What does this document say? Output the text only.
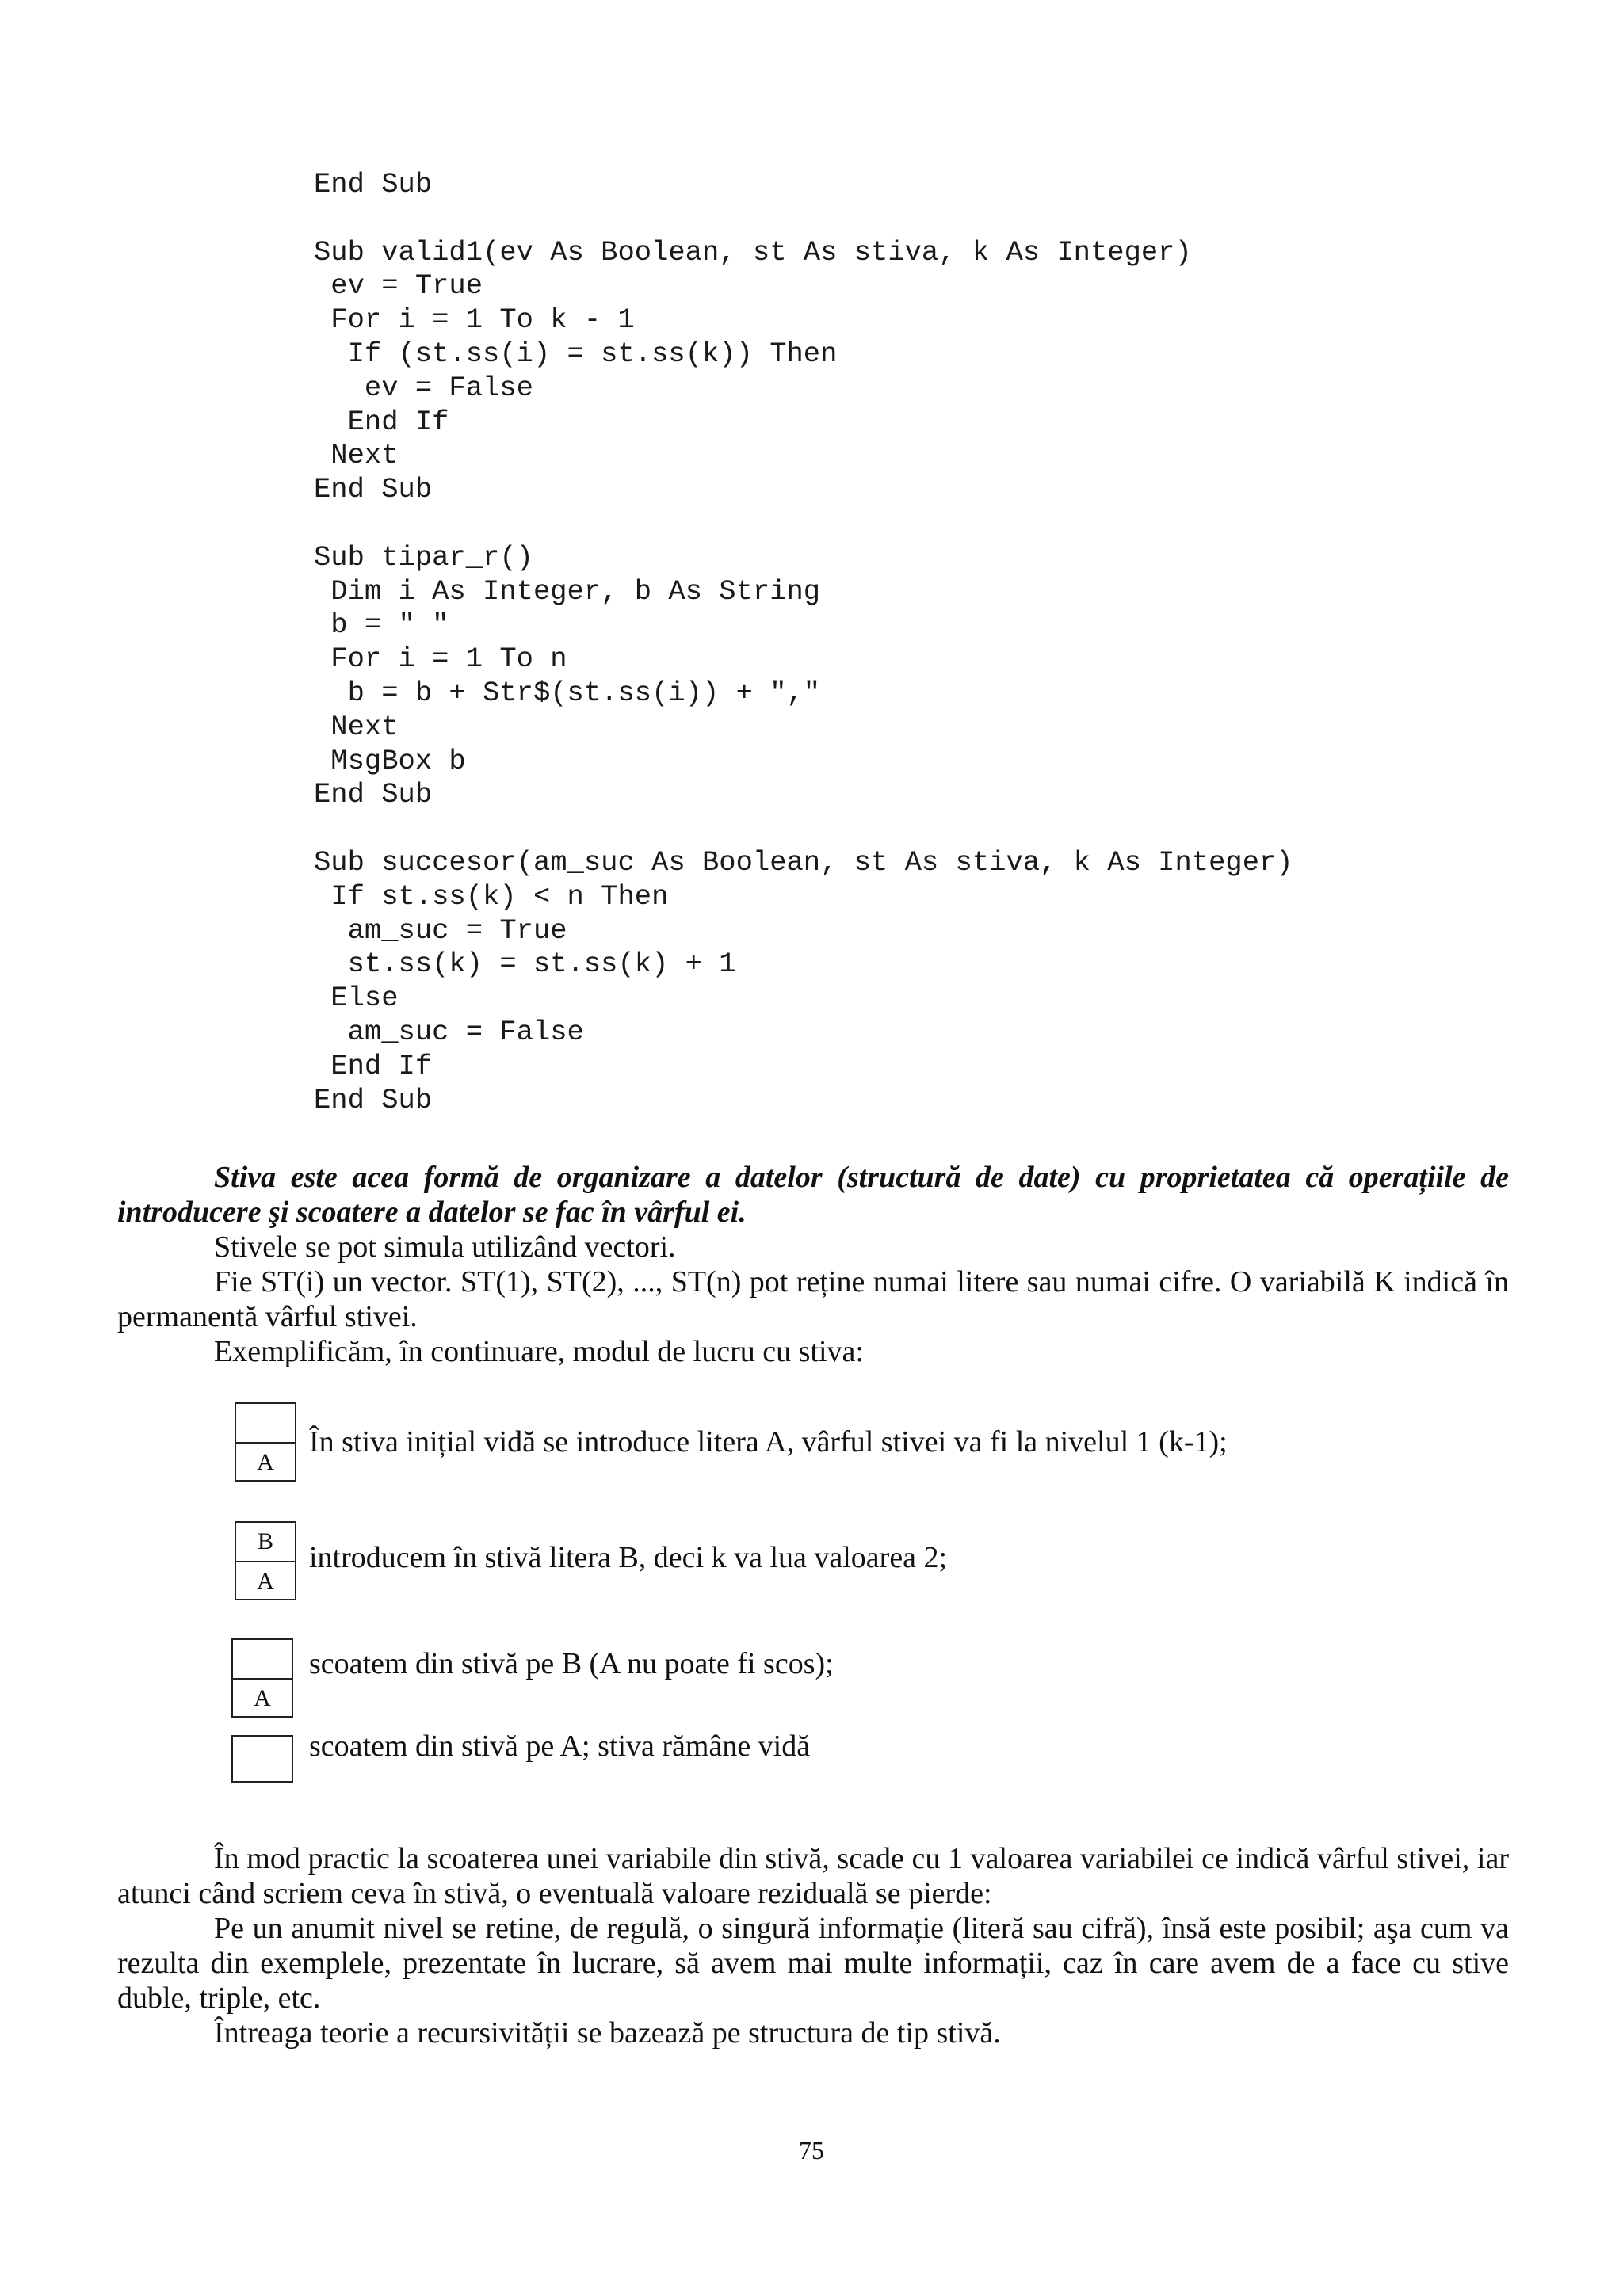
End Sub

Sub valid1(ev As Boolean, st As stiva, k As Integer)
ev = True
For i = 1 To k - 1
If (st.ss(i) = st.ss(k)) Then
ev = False
End If
Next
End Sub

Sub tipar_r()
Dim i As Integer, b As String
b = " "
For i = 1 To n
b = b + Str$(st.ss(i)) + ","
Next
MsgBox b
End Sub

Sub succesor(am_suc As Boolean, st As stiva, k As Integer)
If st.ss(k) < n Then
am_suc = True
st.ss(k) = st.ss(k) + 1
Else
am_suc = False
End If
End Sub

Stiva este acea formă de organizare a datelor (structură de date) cu proprietatea că operațiile de introducere şi scoatere a datelor se fac în vârful ei.

Stivele se pot simula utilizând vectori.

Fie ST(i) un vector. ST(1), ST(2), ..., ST(n) pot reține numai litere sau numai cifre. O variabilă K indică în permanentă vârful stivei.

Exemplificăm, în continuare, modul de lucru cu stiva:

A
În stiva inițial vidă se introduce litera A, vârful stivei va fi la nivelul 1 (k-1);
B
A
introducem în stivă litera B, deci k va lua valoarea 2;
A
scoatem din stivă pe B (A nu poate fi scos);
scoatem din stivă pe A; stiva rămâne vidă

În mod practic la scoaterea unei variabile din stivă, scade cu 1 valoarea variabilei ce indică vârful stivei, iar atunci când scriem ceva în stivă, o eventuală valoare reziduală se pierde:

Pe un anumit nivel se retine, de regulă, o singură informație (literă sau cifră), însă este posibil; aşa cum va rezulta din exemplele, prezentate în lucrare, să avem mai multe informații, caz în care avem de a face cu stive duble, triple, etc.

Întreaga teorie a recursivității se bazează pe structura de tip stivă.

75
